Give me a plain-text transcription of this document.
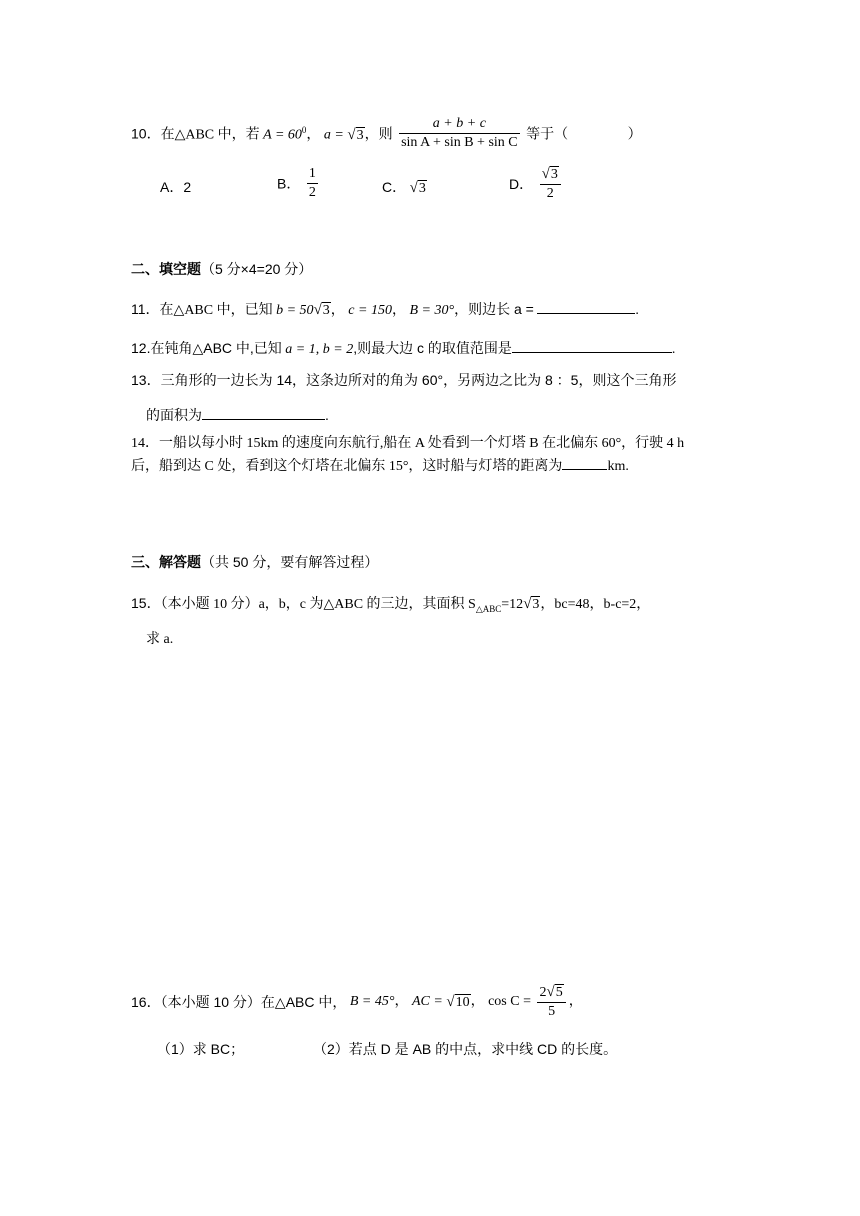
10．在△ABC 中，若 $A = 60^0$， a = √3，则 $\frac{a + b + c}{\text{sin A + sin B + sin C}}$ 等于（	）
A．2	B． $\frac{1}{2}$	C． √3	D． $\frac{√3}{2}$
二、填空题（5 分×4=20 分）
11．在△ABC 中，已知 b = 50√3， c = 150， B = 30°，则边长 a =	.
12.在钝角△ABC 中,已知 a = 1, b = 2,则最大边 c 的取值范围是	.
13．三角形的一边长为 14，这条边所对的角为 60°，另两边之比为 8 ：5，则这个三角形
的面积为	.
14．一船以每小时 15km 的速度向东航行,船在 A 处看到一个灯塔 B 在北偏东 60°，行驶 4 h
后，船到达 C 处，看到这个灯塔在北偏东 15°，这时船与灯塔的距离为	km.
三、解答题（共 50 分，要有解答过程）
15．（本小题 10 分）a，b，c 为△ABC 的三边，其面积 $S_{\triangle ABC}=12√3$，bc=48，b-c=2，
求 a.
16．（本小题 10 分）在△ABC 中， B = 45°， AC = √10， $\cos C = \frac{2√5}{5}$ ，
（1）求 BC；	（2）若点 D 是 AB 的中点，求中线 CD 的长度。
